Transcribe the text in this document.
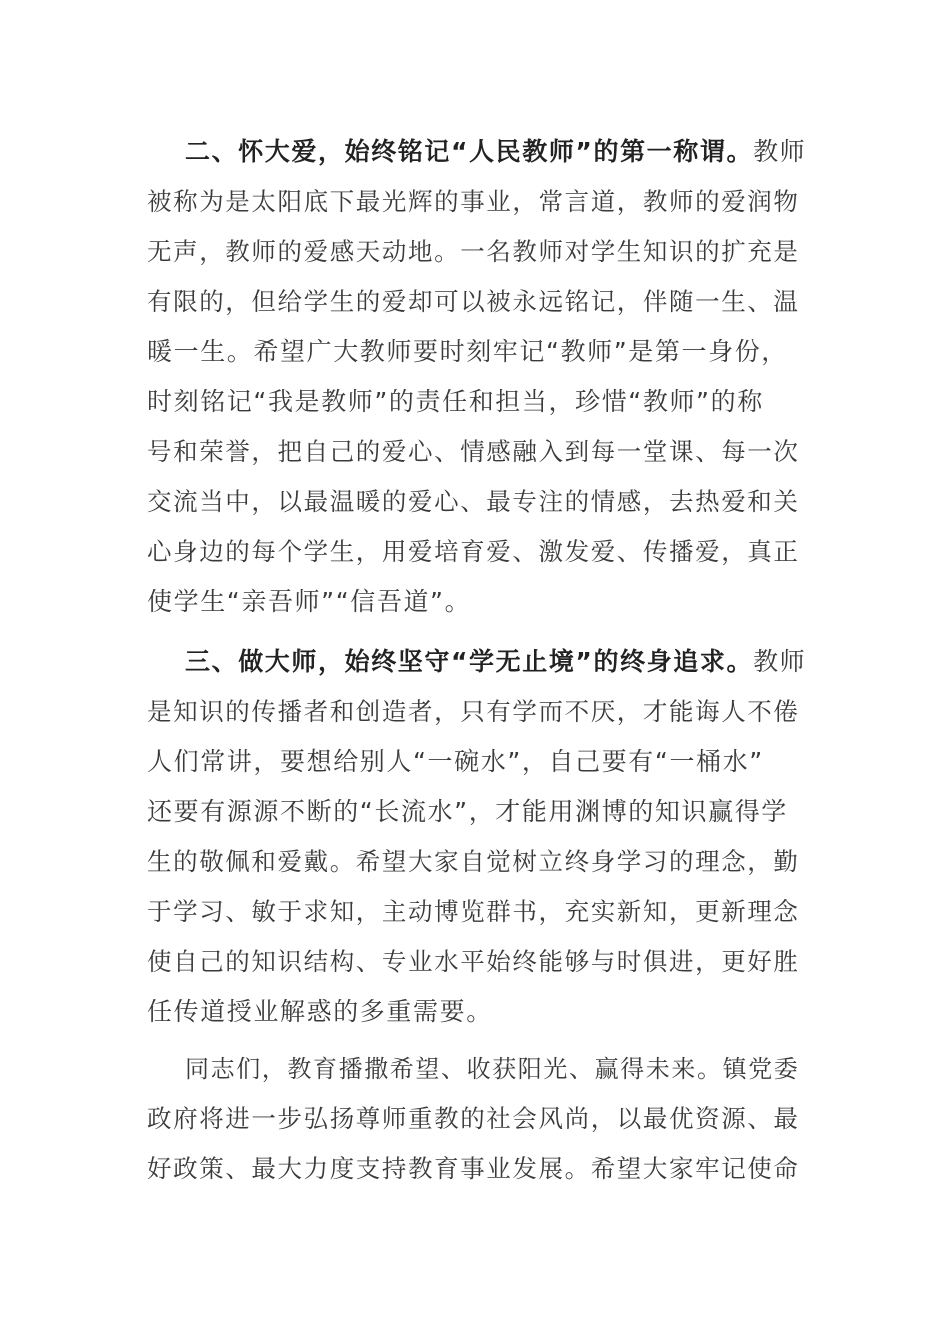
二、怀大爱，始终铭记“人民教师”的第一称谓。教师
被称为是太阳底下最光辉的事业，常言道，教师的爱润物
无声，教师的爱感天动地。一名教师对学生知识的扩充是
有限的，但给学生的爱却可以被永远铭记，伴随一生、温
暖一生。希望广大教师要时刻牢记“教师”是第一身份，
时刻铭记“我是教师”的责任和担当，珍惜“教师”的称
号和荣誉，把自己的爱心、情感融入到每一堂课、每一次
交流当中，以最温暖的爱心、最专注的情感，去热爱和关
心身边的每个学生，用爱培育爱、激发爱、传播爱，真正
使学生“亲吾师”“信吾道”。
三、做大师，始终坚守“学无止境”的终身追求。教师
是知识的传播者和创造者，只有学而不厌，才能诲人不倦
人们常讲，要想给别人“一碗水”，自己要有“一桶水”
还要有源源不断的“长流水”，才能用渊博的知识赢得学
生的敬佩和爱戴。希望大家自觉树立终身学习的理念，勤
于学习、敏于求知，主动博览群书，充实新知，更新理念
使自己的知识结构、专业水平始终能够与时俱进，更好胜
任传道授业解惑的多重需要。
同志们，教育播撒希望、收获阳光、赢得未来。镇党委
政府将进一步弘扬尊师重教的社会风尚，以最优资源、最
好政策、最大力度支持教育事业发展。希望大家牢记使命
